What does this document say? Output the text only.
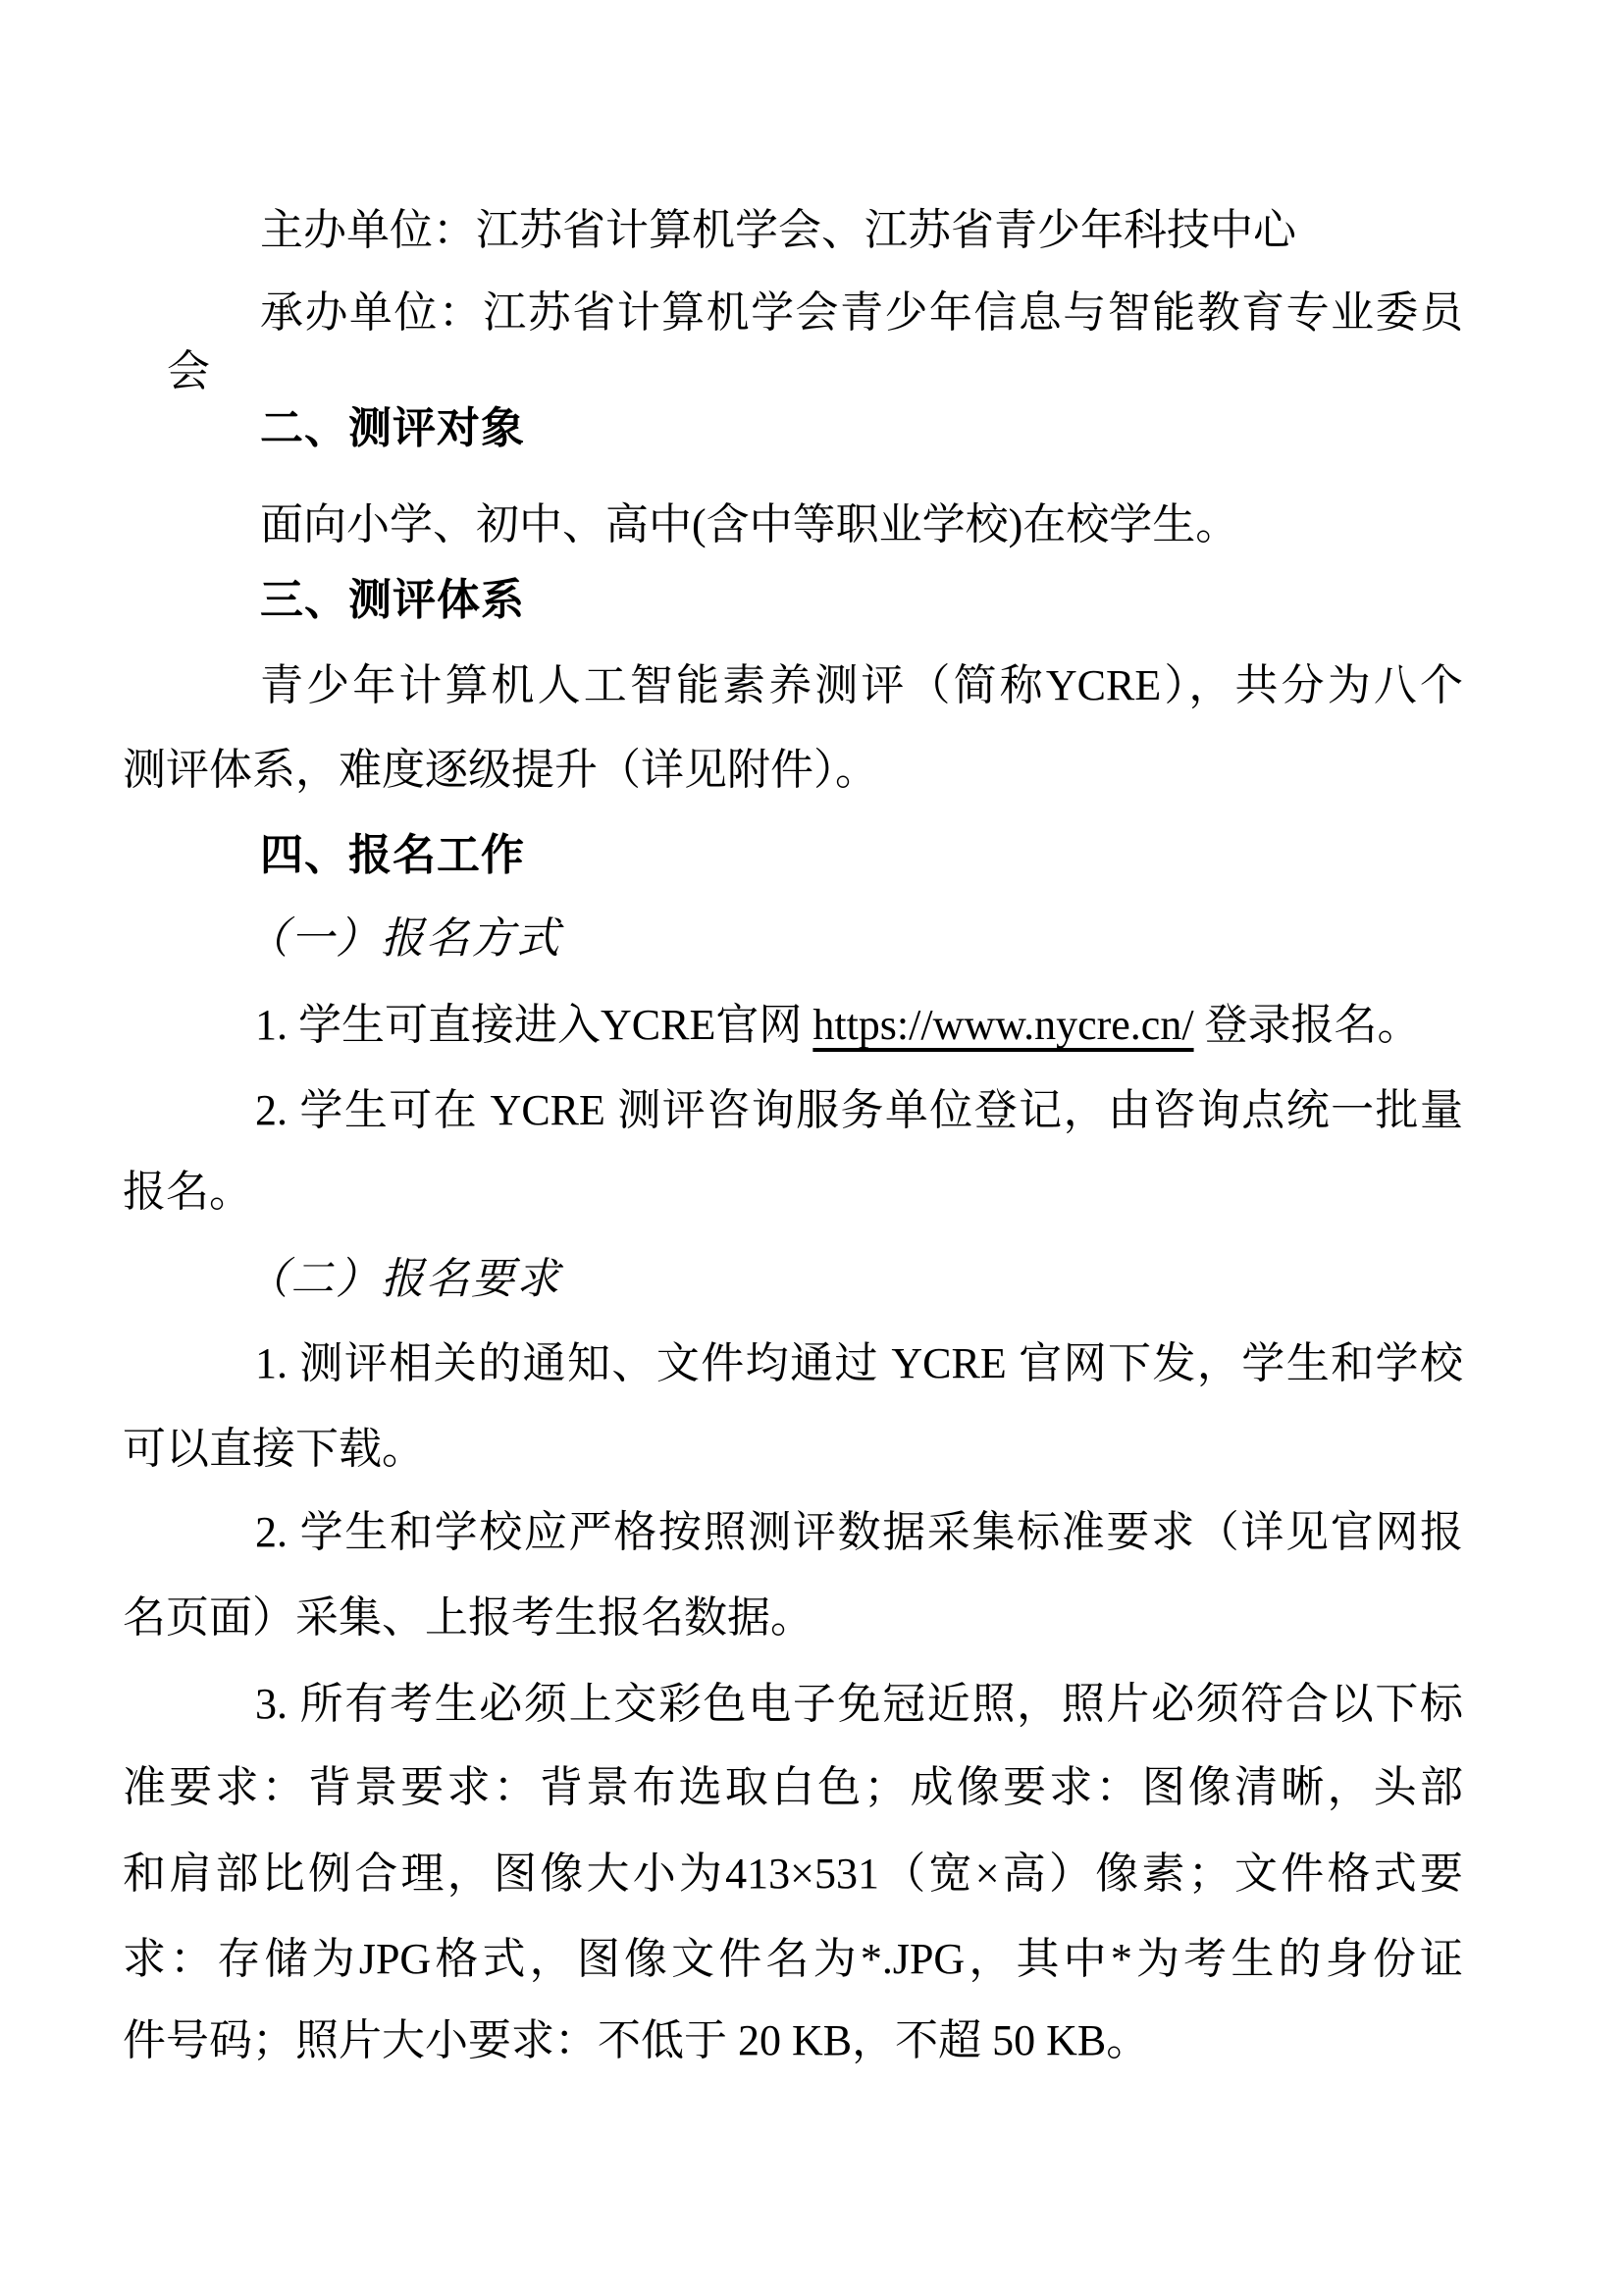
主办单位：江苏省计算机学会、江苏省青少年科技中心
承办单位：江苏省计算机学会青少年信息与智能教育专业委员
会
二、测评对象
面向小学、初中、高中(含中等职业学校)在校学生。
三、测评体系
青少年计算机人工智能素养测评（简称YCRE），共分为八个
测评体系，难度逐级提升（详见附件）。
四、报名工作
（一）报名方式
1. 学生可直接进入YCRE官网 https://www.nycre.cn/ 登录报名。
2. 学生可在 YCRE 测评咨询服务单位登记，由咨询点统一批量
报名。
（二）报名要求
1. 测评相关的通知、文件均通过 YCRE 官网下发，学生和学校
可以直接下载。
2. 学生和学校应严格按照测评数据采集标准要求（详见官网报
名页面）采集、上报考生报名数据。
3. 所有考生必须上交彩色电子免冠近照，照片必须符合以下标
准要求：背景要求：背景布选取白色；成像要求：图像清晰，头部
和肩部比例合理，图像大小为413×531（宽×高）像素；文件格式要
求：存储为JPG格式，图像文件名为*.JPG，其中*为考生的身份证
件号码；照片大小要求：不低于 20 KB，不超 50 KB。
